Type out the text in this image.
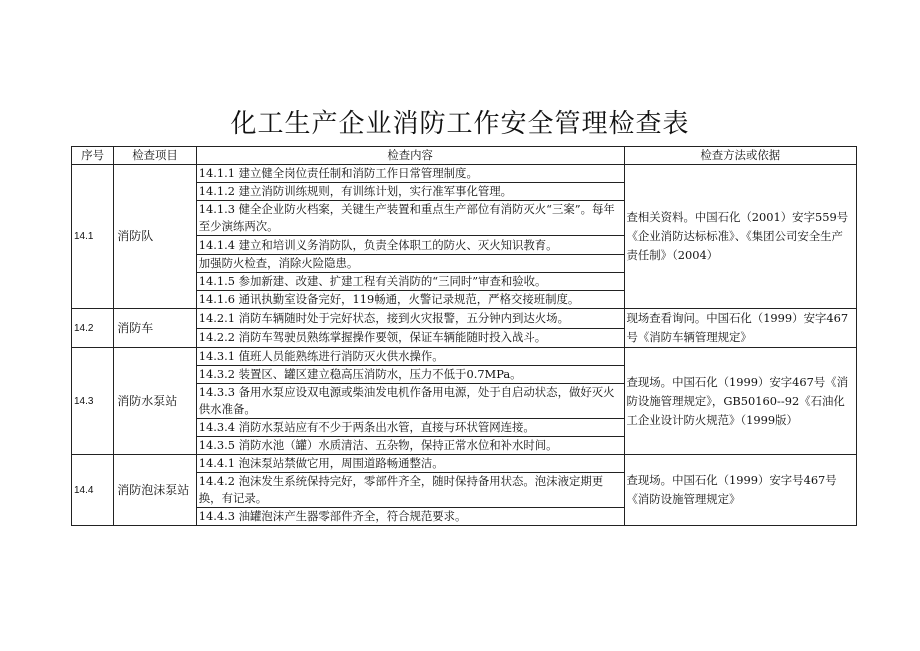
化工生产企业消防工作安全管理检查表
序号	检查项目	检查内容	检查方法或依据
14.1	消防队	14.1.1 建立健全岗位责任制和消防工作日常管理制度。	查相关资料。中国石化（2001）安字559号《企业消防达标标准》、《集团公司安全生产责任制》（2004）
		14.1.2 建立消防训练规则，有训练计划，实行准军事化管理。	
		14.1.3 健全企业防火档案，关键生产装置和重点生产部位有消防灭火“三案”。每年至少演练两次。	
		14.1.4 建立和培训义务消防队，负责全体职工的防火、灭火知识教育。	
		加强防火检查，消除火险隐患。	
		14.1.5 参加新建、改建、扩建工程有关消防的“三同时”审查和验收。	
		14.1.6 通讯执勤室设备完好，119畅通，火警记录规范，严格交接班制度。	
14.2	消防车	14.2.1 消防车辆随时处于完好状态，接到火灾报警，五分钟内到达火场。	现场查看询问。中国石化（1999）安字467号《消防车辆管理规定》
		14.2.2 消防车驾驶员熟练掌握操作要领，保证车辆能随时投入战斗。	
14.3	消防水泵站	14.3.1 值班人员能熟练进行消防灭火供水操作。	查现场。中国石化（1999）安字467号《消防设施管理规定》，GB50160--92《石油化工企业设计防火规范》（1999版）
		14.3.2 装置区、罐区建立稳高压消防水，压力不低于0.7MPa。	
		14.3.3 备用水泵应设双电源或柴油发电机作备用电源，处于自启动状态，做好灭火供水准备。	
		14.3.4 消防水泵站应有不少于两条出水管，直接与环状管网连接。	
		14.3.5 消防水池（罐）水质清洁、五杂物，保持正常水位和补水时间。	
14.4	消防泡沫泵站	14.4.1 泡沫泵站禁做它用，周围道路畅通整洁。	查现场。中国石化（1999）安字号467号《消防设施管理规定》
		14.4.2 泡沫发生系统保持完好，零部件齐全，随时保持备用状态。泡沫液定期更换，有记录。	
		14.4.3 油罐泡沫产生器零部件齐全，符合规范要求。	
